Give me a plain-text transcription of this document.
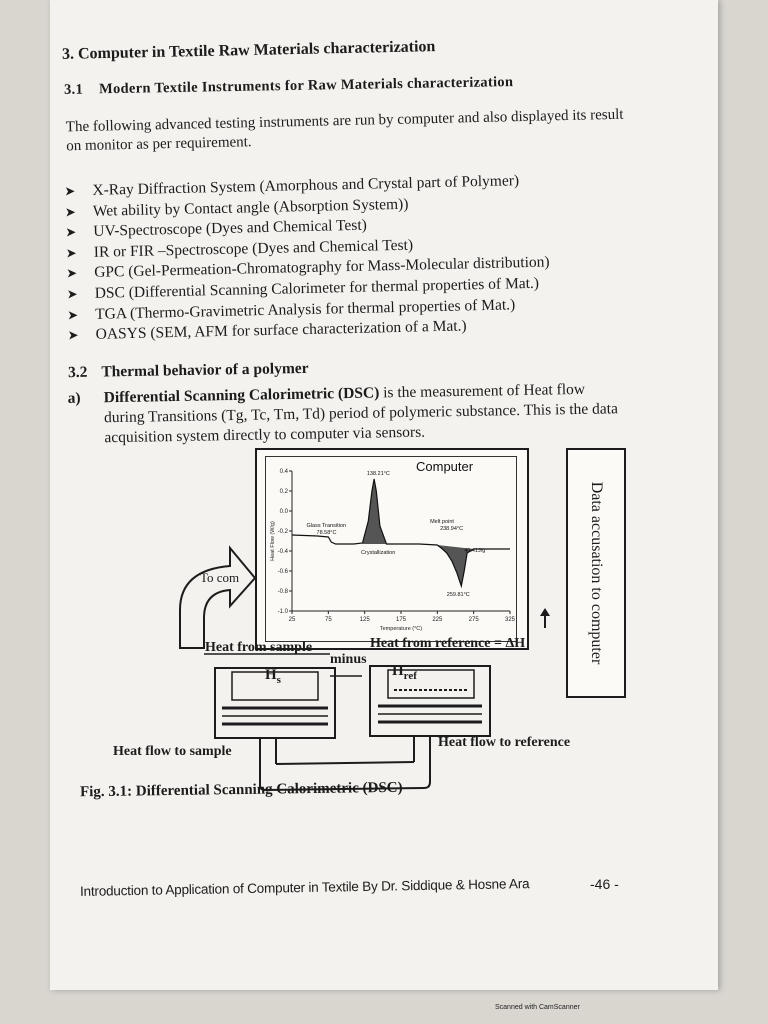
3. Computer in Textile Raw Materials characterization
3.1 Modern Textile Instruments for Raw Materials characterization
The following advanced testing instruments are run by computer and also displayed its result on monitor as per requirement.
➤ X-Ray Diffraction System (Amorphous and Crystal part of Polymer)
➤ Wet ability by Contact angle (Absorption System))
➤ UV-Spectroscope (Dyes and Chemical Test)
➤ IR or FIR –Spectroscope (Dyes and Chemical Test)
➤ GPC (Gel-Permeation-Chromatography for Mass-Molecular distribution)
➤ DSC (Differential Scanning Calorimeter for thermal properties of Mat.)
➤ TGA (Thermo-Gravimetric Analysis for thermal properties of Mat.)
➤ OASYS (SEM, AFM for surface characterization of a Mat.)
3.2 Thermal behavior of a polymer
a)	Differential Scanning Calorimetric (DSC) is the measurement of Heat flow during Transitions (Tg, Tc, Tm, Td) period of polymeric substance. This is the data acquisition system directly to computer via sensors.
0.4
0.2
0.0
-0.2
-0.4
-0.6
-0.8
-1.0
25	75	125	175	225	275	325
Temperature (°C)
Heat Flow (W/g)	Glass Transition
78.58°C
Crystallization
138.21°C
Melt point
238.94°C
40.41J/g
259.81°C
Computer
Data accusation to computer
To com
Heat from sample	Heat from reference = ΔH
minus
$H_s$
$H_{ref}$
Heat flow to sample
Heat flow to reference
Fig. 3.1: Differential Scanning Calorimetric (DSC)
Introduction to Application of Computer in Textile By Dr. Siddique & Hosne Ara	-46 -
Scanned with CamScanner
